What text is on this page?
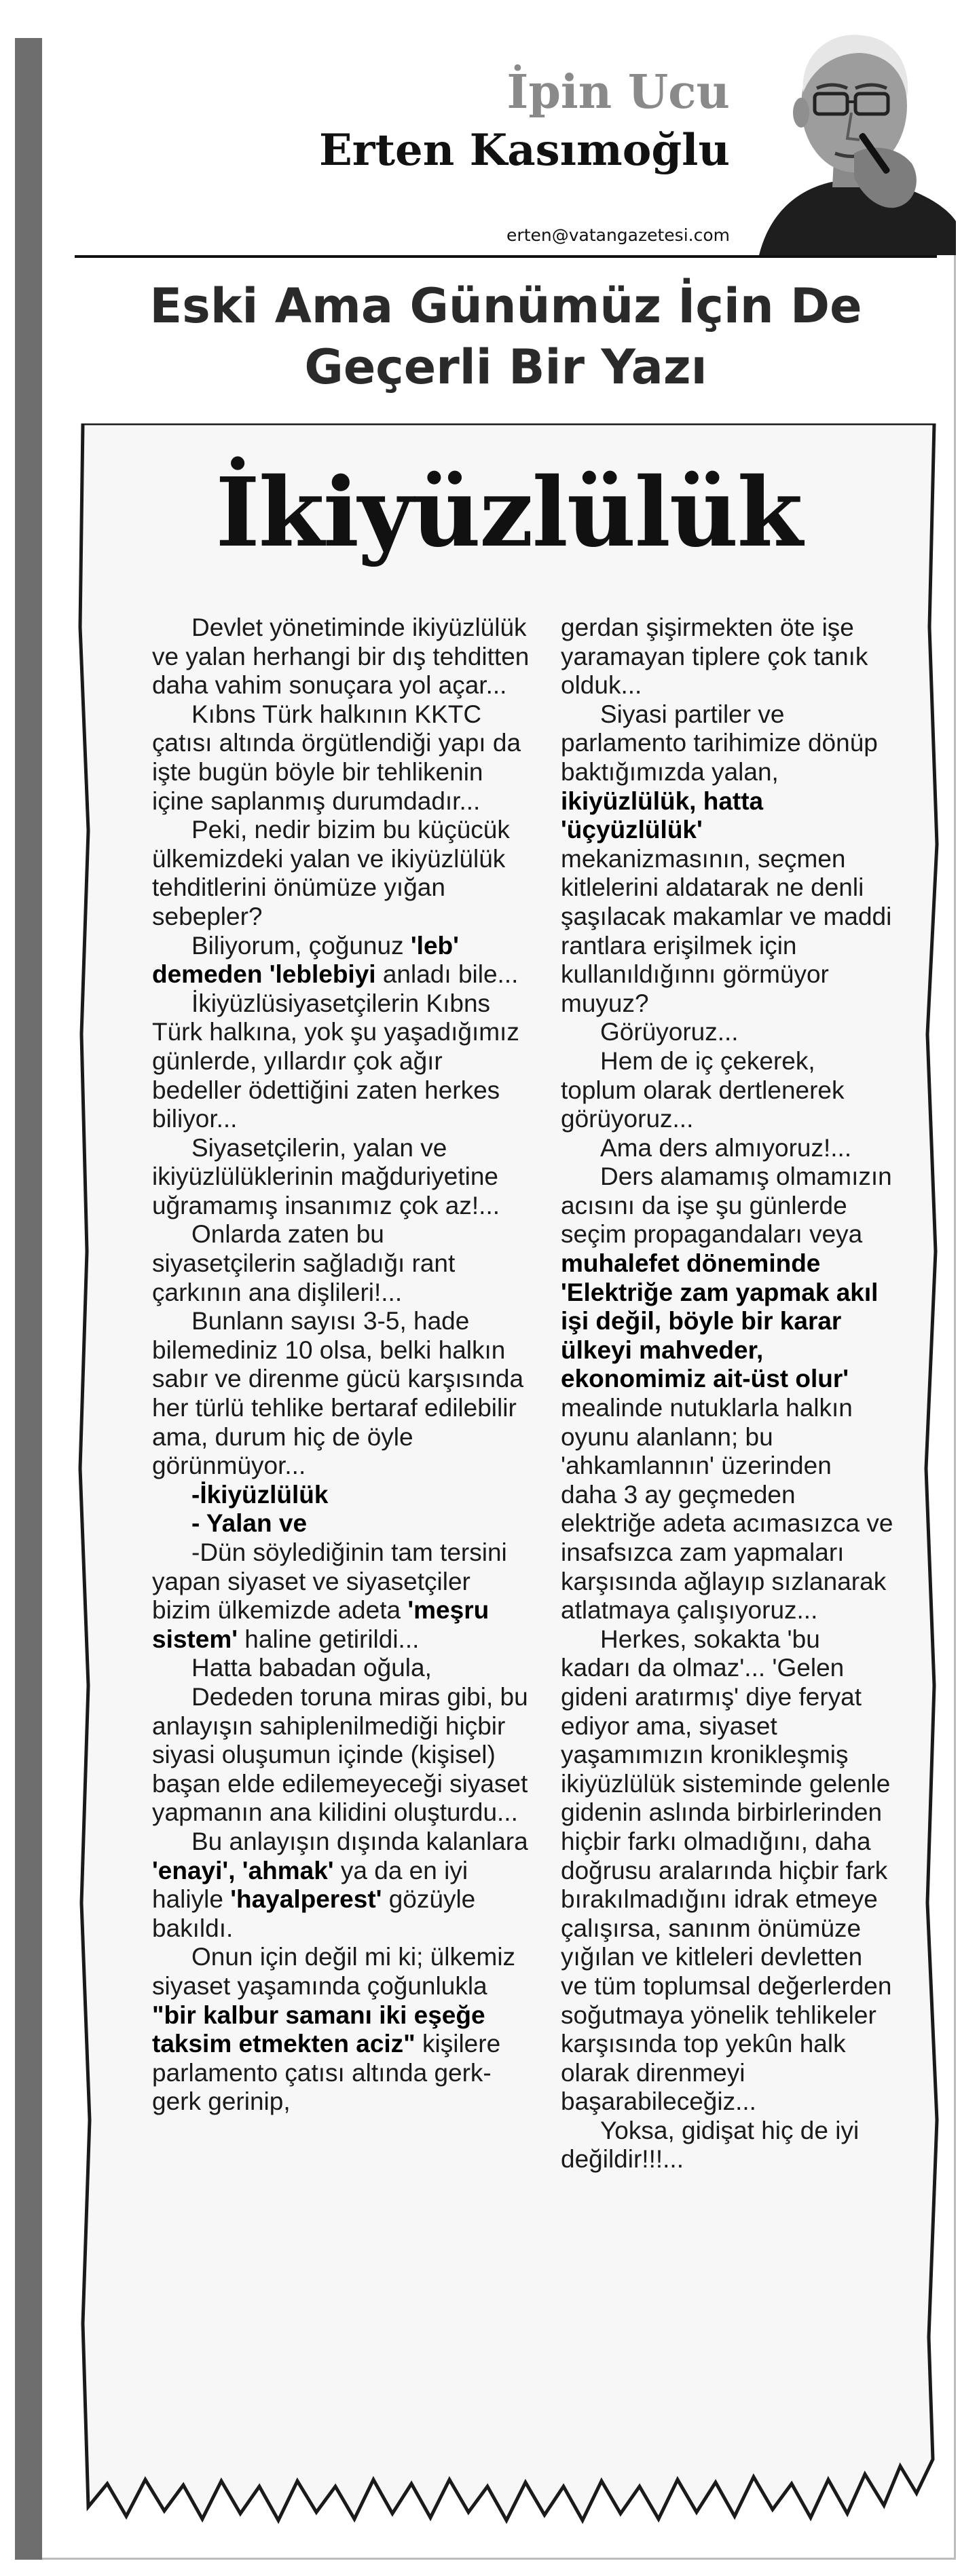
İpin Ucu
Erten Kasımoğlu
erten@vatangazetesi.com
Eski Ama Günümüz İçin De
Geçerli Bir Yazı
İkiyüzlülük

Devlet yönetiminde ikiyüzlülük ve yalan herhangi bir dış tehditten daha vahim sonuçara yol açar...

Kıbns Türk halkının KKTC çatısı altında örgütlendiği yapı da işte bugün böyle bir tehlikenin içine saplanmış durumdadır...

Peki, nedir bizim bu küçücük ülkemizdeki yalan ve ikiyüzlülük tehditlerini önümüze yığan sebepler?

Biliyorum, çoğunuz 'leb' demeden 'leblebiyi anladı bile...

İkiyüzlüsiyasetçilerin Kıbns Türk halkına, yok şu yaşadığımız günlerde, yıllardır çok ağır bedeller ödettiğini zaten herkes biliyor...

Siyasetçilerin, yalan ve ikiyüzlülüklerinin mağduriyetine uğramamış insanımız çok az!...

Onlarda zaten bu siyasetçilerin sağladığı rant çarkının ana dişlileri!...

Bunlann sayısı 3-5, hade bilemediniz 10 olsa, belki halkın sabır ve direnme gücü karşısında her türlü tehlike bertaraf edilebilir ama, durum hiç de öyle görünmüyor...

-İkiyüzlülük

- Yalan ve

-Dün söylediğinin tam tersini yapan siyaset ve siyasetçiler bizim ülkemizde adeta 'meşru sistem' haline getirildi...

Hatta babadan oğula,

Dededen toruna miras gibi, bu anlayışın sahiplenilmediği hiçbir siyasi oluşumun içinde (kişisel) başan elde edilemeyeceği siyaset yapmanın ana kilidini oluşturdu...

Bu anlayışın dışında kalanlara 'enayi', 'ahmak' ya da en iyi haliyle 'hayalperest' gözüyle bakıldı.

Onun için değil mi ki; ülkemiz siyaset yaşamında çoğunlukla "bir kalbur samanı iki eşeğe taksim etmekten aciz" kişilere parlamento çatısı altında gerk-gerk gerinip,

gerdan şişirmekten öte işe yaramayan tiplere çok tanık olduk...

Siyasi partiler ve parlamento tarihimize dönüp baktığımızda yalan, ikiyüzlülük, hatta 'üçyüzlülük' mekanizmasının, seçmen kitlelerini aldatarak ne denli şaşılacak makamlar ve maddi rantlara erişilmek için kullanıldığınnı görmüyor muyuz?

Görüyoruz...

Hem de iç çekerek, toplum olarak dertlenerek görüyoruz...

Ama ders almıyoruz!...

Ders alamamış olmamızın acısını da işe şu günlerde seçim propagandaları veya

muhalefet döneminde 'Elektriğe zam yapmak akıl işi değil, böyle bir karar ülkeyi mahveder, ekonomimiz ait-üst olur'

mealinde nutuklarla halkın oyunu alanlann; bu 'ahkamlannın' üzerinden daha 3 ay geçmeden elektriğe adeta acımasızca ve insafsızca zam yapmaları karşısında ağlayıp sızlanarak atlatmaya çalışıyoruz...

Herkes, sokakta 'bu kadarı da olmaz'... 'Gelen gideni aratırmış' diye feryat ediyor ama, siyaset yaşamımızın kronikleşmiş ikiyüzlülük sisteminde gelenle gidenin aslında birbirlerinden hiçbir farkı olmadığını, daha doğrusu aralarında hiçbir fark bırakılmadığını idrak etmeye çalışırsa, sanınm önümüze yığılan ve kitleleri devletten ve tüm toplumsal değerlerden soğutmaya yönelik tehlikeler karşısında top yekûn halk olarak direnmeyi başarabileceğiz...

Yoksa, gidişat hiç de iyi değildir!!!...
